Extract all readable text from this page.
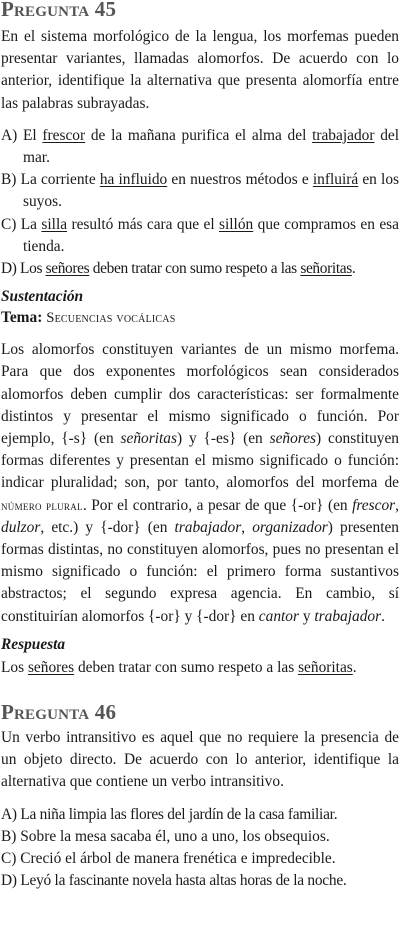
Pregunta 45

En el sistema morfológico de la lengua, los morfemas pueden presentar variantes, llamadas alomorfos. De acuerdo con lo anterior, identifique la alternativa que presenta alomorfía entre las palabras subrayadas.

A) El frescor de la mañana purifica el alma del trabajador del mar.
B) La corriente ha influido en nuestros métodos e influirá en los suyos.
C) La silla resultó más cara que el sillón que compramos en esa tienda.
D) Los señores deben tratar con sumo respeto a las señoritas.
Sustentación
Tema: Secuencias vocálicas

Los alomorfos constituyen variantes de un mismo morfema. Para que dos exponentes morfológicos sean considerados alomorfos deben cumplir dos características: ser formalmente distintos y presentar el mismo significado o función. Por ejemplo, {-s} (en señoritas) y {-es} (en señores) constituyen formas diferentes y presentan el mismo significado o función: indicar pluralidad; son, por tanto, alomorfos del morfema de número plural. Por el contrario, a pesar de que {-or} (en frescor, dulzor, etc.) y {-dor} (en trabajador, organizador) presenten formas distintas, no constituyen alomorfos, pues no presentan el mismo significado o función: el primero forma sustantivos abstractos; el segundo expresa agencia. En cambio, sí constituirían alomorfos {-or} y {-dor} en cantor y trabajador.

Respuesta

Los señores deben tratar con sumo respeto a las señoritas.

Pregunta 46

Un verbo intransitivo es aquel que no requiere la presencia de un objeto directo. De acuerdo con lo anterior, identifique la alternativa que contiene un verbo intransitivo.

A) La niña limpia las flores del jardín de la casa familiar.
B) Sobre la mesa sacaba él, uno a uno, los obsequios.
C) Creció el árbol de manera frenética e impredecible.
D) Leyó la fascinante novela hasta altas horas de la noche.
